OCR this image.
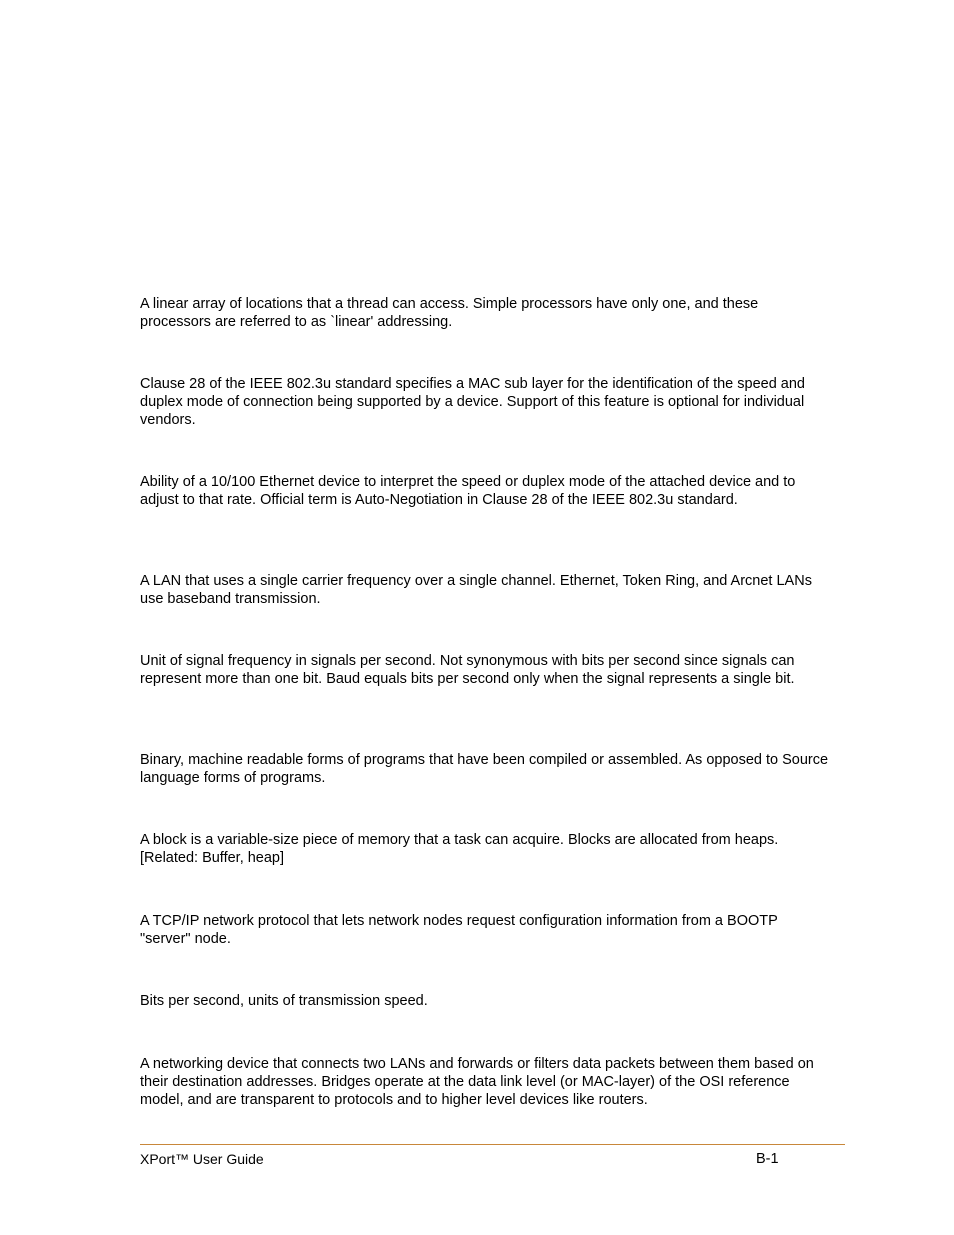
A linear array of locations that a thread can access. Simple processors have only one, and these processors are referred to as `linear' addressing.

Clause 28 of the IEEE 802.3u standard specifies a MAC sub layer for the identification of the speed and duplex mode of connection being supported by a device. Support of this feature is optional for individual vendors.

Ability of a 10/100 Ethernet device to interpret the speed or duplex mode of the attached device and to adjust to that rate. Official term is Auto-Negotiation in Clause 28 of the IEEE 802.3u standard.

A LAN that uses a single carrier frequency over a single channel. Ethernet, Token Ring, and Arcnet LANs use baseband transmission.

Unit of signal frequency in signals per second. Not synonymous with bits per second since signals can represent more than one bit. Baud equals bits per second only when the signal represents a single bit.

Binary, machine readable forms of programs that have been compiled or assembled. As opposed to Source language forms of programs.

A block is a variable-size piece of memory that a task can acquire. Blocks are allocated from heaps. [Related: Buffer, heap]

A TCP/IP network protocol that lets network nodes request configuration information from a BOOTP "server" node.

Bits per second, units of transmission speed.

A networking device that connects two LANs and forwards or filters data packets between them based on their destination addresses. Bridges operate at the data link level (or MAC-layer) of the OSI reference model, and are transparent to protocols and to higher level devices like routers.

XPort™ User Guide	B-1
